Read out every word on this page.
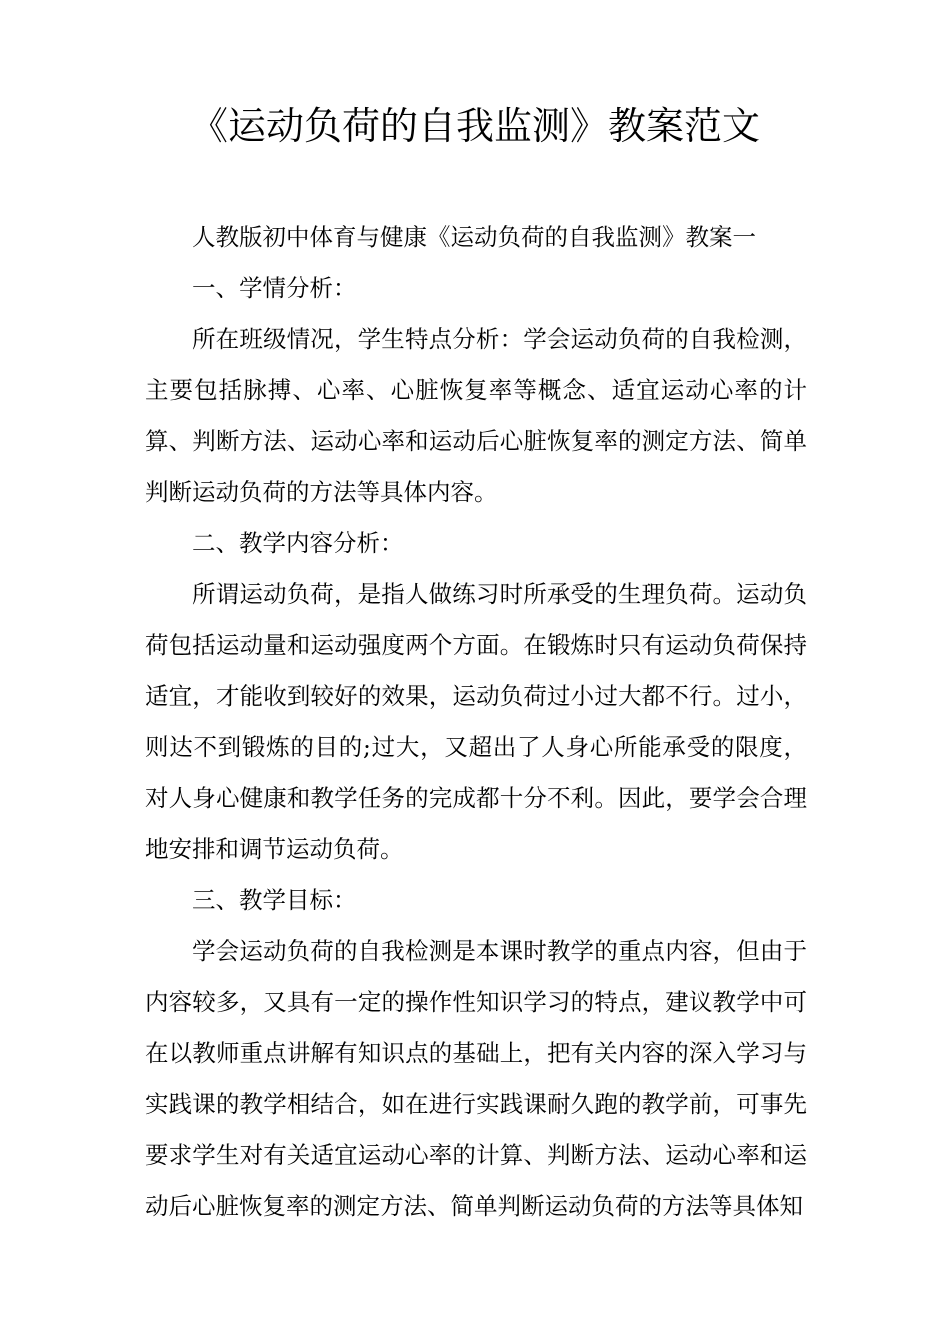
《运动负荷的自我监测》教案范文

人教版初中体育与健康《运动负荷的自我监测》教案一

一、学情分析：

所在班级情况，学生特点分析：学会运动负荷的自我检测，主要包括脉搏、心率、心脏恢复率等概念、适宜运动心率的计算、判断方法、运动心率和运动后心脏恢复率的测定方法、简单判断运动负荷的方法等具体内容。

二、教学内容分析：

所谓运动负荷，是指人做练习时所承受的生理负荷。运动负荷包括运动量和运动强度两个方面。在锻炼时只有运动负荷保持适宜，才能收到较好的效果，运动负荷过小过大都不行。过小，则达不到锻炼的目的;过大，又超出了人身心所能承受的限度，对人身心健康和教学任务的完成都十分不利。因此，要学会合理地安排和调节运动负荷。

三、教学目标：

学会运动负荷的自我检测是本课时教学的重点内容，但由于内容较多，又具有一定的操作性知识学习的特点，建议教学中可在以教师重点讲解有知识点的基础上，把有关内容的深入学习与实践课的教学相结合，如在进行实践课耐久跑的教学前，可事先要求学生对有关适宜运动心率的计算、判断方法、运动心率和运动后心脏恢复率的测定方法、简单判断运动负荷的方法等具体知
